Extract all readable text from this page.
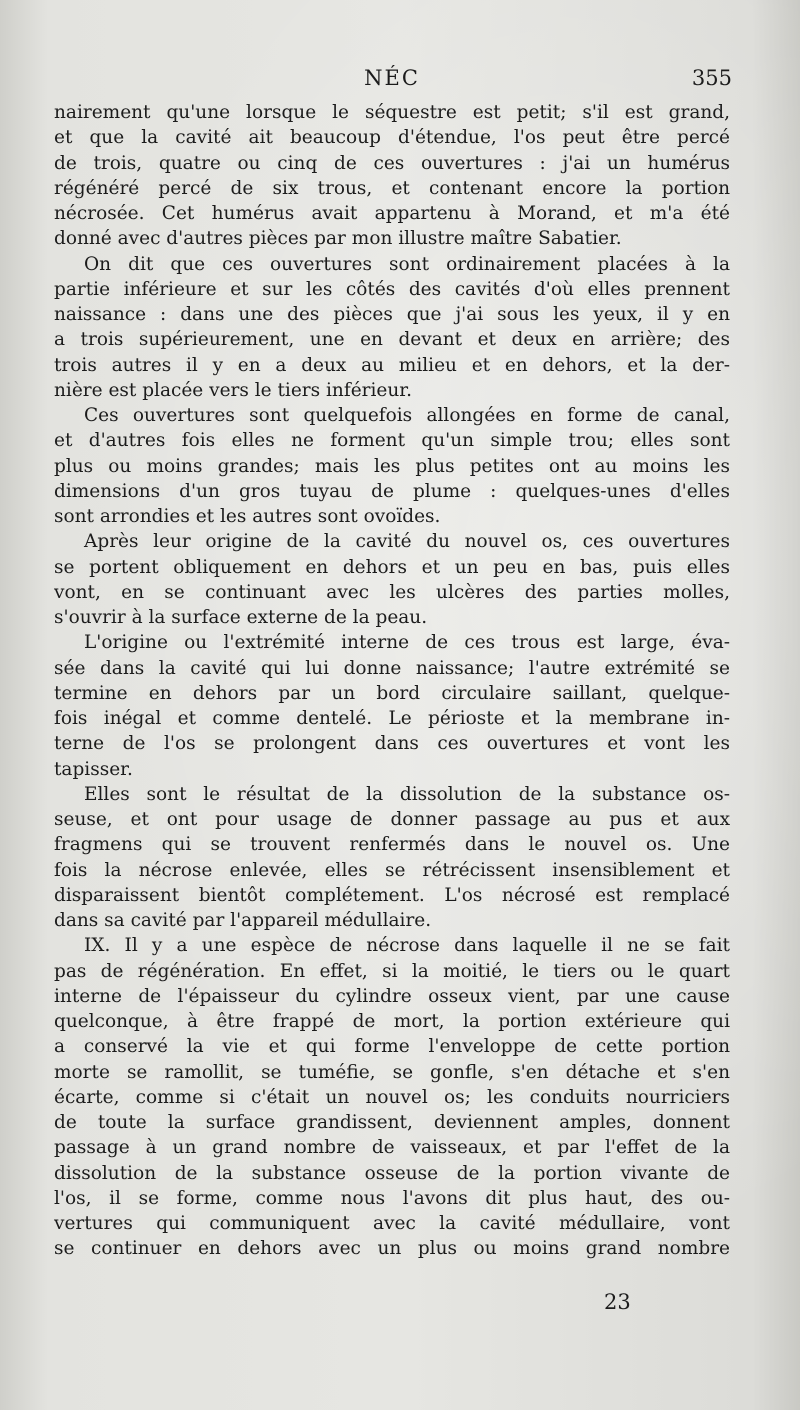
NÉC	355
nairement qu'une lorsque le séquestre est petit; s'il est grand,
et que la cavité ait beaucoup d'étendue, l'os peut être percé
de trois, quatre ou cinq de ces ouvertures : j'ai un humérus
régénéré percé de six trous, et contenant encore la portion
nécrosée. Cet humérus avait appartenu à Morand, et m'a été
donné avec d'autres pièces par mon illustre maître Sabatier.
On dit que ces ouvertures sont ordinairement placées à la
partie inférieure et sur les côtés des cavités d'où elles prennent
naissance : dans une des pièces que j'ai sous les yeux, il y en
a trois supérieurement, une en devant et deux en arrière; des
trois autres il y en a deux au milieu et en dehors, et la der-
nière est placée vers le tiers inférieur.
Ces ouvertures sont quelquefois allongées en forme de canal,
et d'autres fois elles ne forment qu'un simple trou; elles sont
plus ou moins grandes; mais les plus petites ont au moins les
dimensions d'un gros tuyau de plume : quelques-unes d'elles
sont arrondies et les autres sont ovoïdes.
Après leur origine de la cavité du nouvel os, ces ouvertures
se portent obliquement en dehors et un peu en bas, puis elles
vont, en se continuant avec les ulcères des parties molles,
s'ouvrir à la surface externe de la peau.
L'origine ou l'extrémité interne de ces trous est large, éva-
sée dans la cavité qui lui donne naissance; l'autre extrémité se
termine en dehors par un bord circulaire saillant, quelque-
fois inégal et comme dentelé. Le périoste et la membrane in-
terne de l'os se prolongent dans ces ouvertures et vont les
tapisser.
Elles sont le résultat de la dissolution de la substance os-
seuse, et ont pour usage de donner passage au pus et aux
fragmens qui se trouvent renfermés dans le nouvel os. Une
fois la nécrose enlevée, elles se rétrécissent insensiblement et
disparaissent bientôt complétement. L'os nécrosé est remplacé
dans sa cavité par l'appareil médullaire.
IX. Il y a une espèce de nécrose dans laquelle il ne se fait
pas de régénération. En effet, si la moitié, le tiers ou le quart
interne de l'épaisseur du cylindre osseux vient, par une cause
quelconque, à être frappé de mort, la portion extérieure qui
a conservé la vie et qui forme l'enveloppe de cette portion
morte se ramollit, se tuméfie, se gonfle, s'en détache et s'en
écarte, comme si c'était un nouvel os; les conduits nourriciers
de toute la surface grandissent, deviennent amples, donnent
passage à un grand nombre de vaisseaux, et par l'effet de la
dissolution de la substance osseuse de la portion vivante de
l'os, il se forme, comme nous l'avons dit plus haut, des ou-
vertures qui communiquent avec la cavité médullaire, vont
se continuer en dehors avec un plus ou moins grand nombre
23
